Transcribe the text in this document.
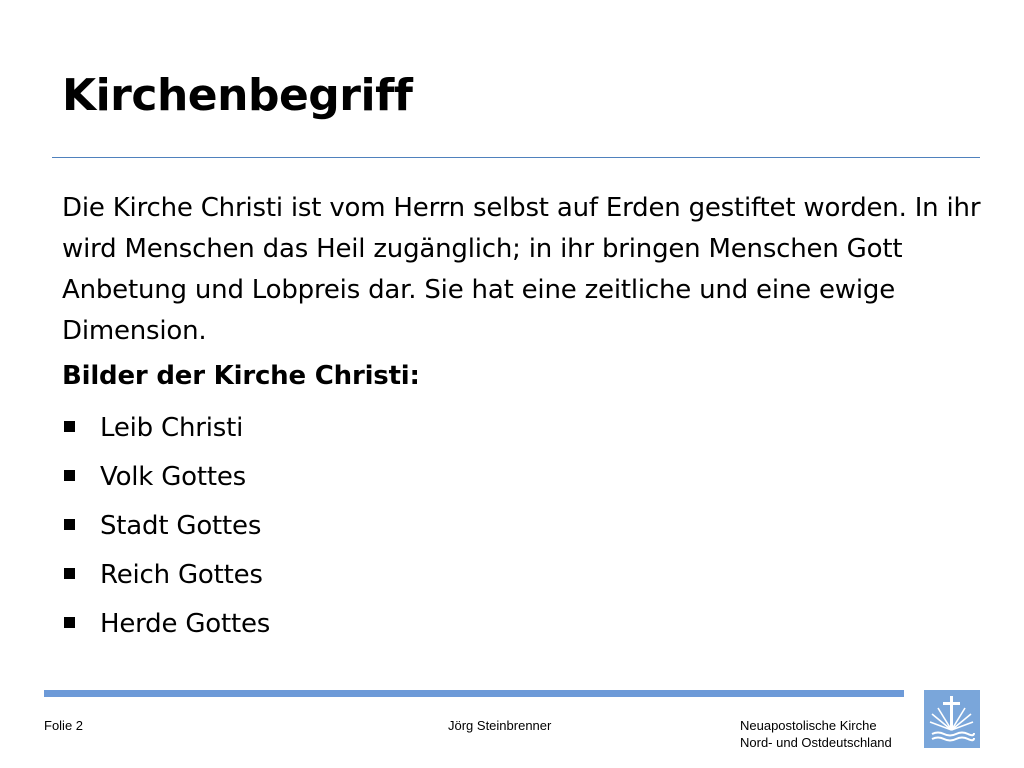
Kirchenbegriff

Die Kirche Christi ist vom Herrn selbst auf Erden gestiftet worden. In ihr wird Menschen das Heil zugänglich; in ihr bringen Menschen Gott Anbetung und Lobpreis dar. Sie hat eine zeitliche und eine ewige Dimension.

Bilder der Kirche Christi:
Leib Christi
Volk Gottes
Stadt Gottes
Reich Gottes
Herde Gottes
Folie 2	Jörg Steinbrenner	Neuapostolische Kirche
Nord- und Ostdeutschland
